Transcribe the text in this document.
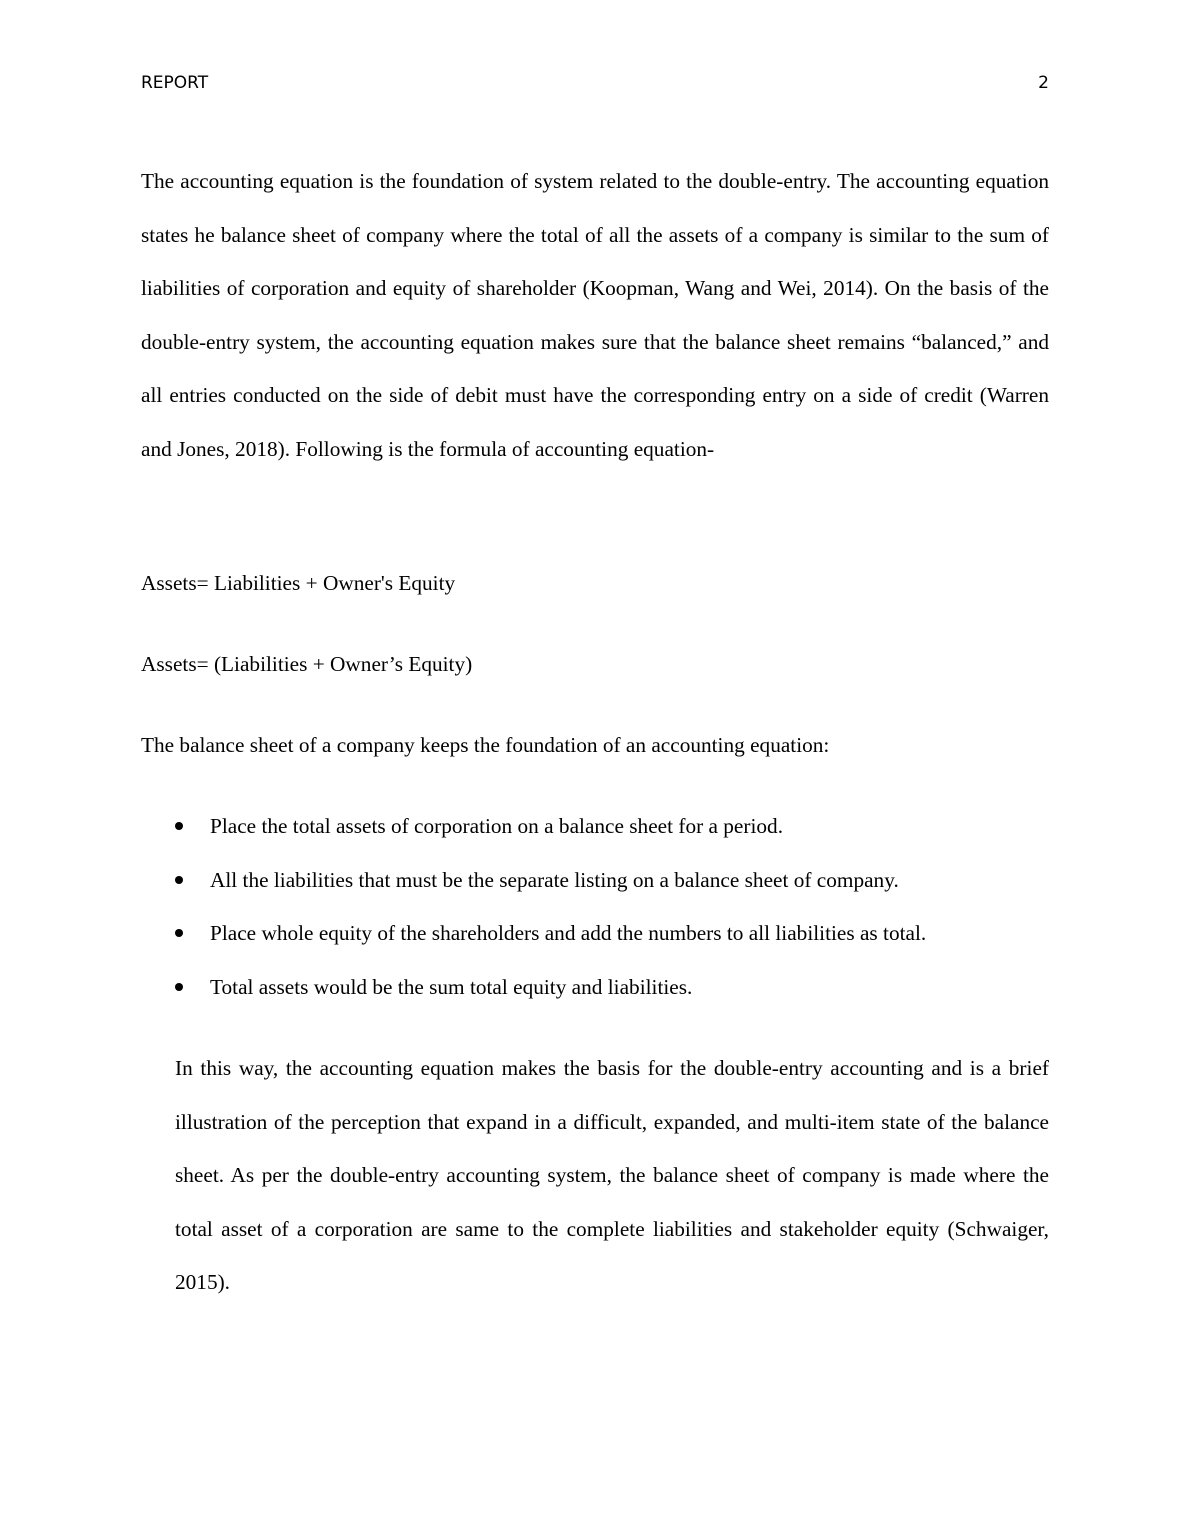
REPORT	2

The accounting equation is the foundation of system related to the double-entry. The accounting equation states he balance sheet of company where the total of all the assets of a company is similar to the sum of liabilities of corporation and equity of shareholder (Koopman, Wang and Wei, 2014). On the basis of the double-entry system, the accounting equation makes sure that the balance sheet remains “balanced,” and all entries conducted on the side of debit must have the corresponding entry on a side of credit (Warren and Jones, 2018). Following is the formula of accounting equation-

Assets= Liabilities + Owner's Equity

Assets= (Liabilities + Owner’s Equity)

The balance sheet of a company keeps the foundation of an accounting equation:

Place the total assets of corporation on a balance sheet for a period.
All the liabilities that must be the separate listing on a balance sheet of company.
Place whole equity of the shareholders and add the numbers to all liabilities as total.
Total assets would be the sum total equity and liabilities.

In this way, the accounting equation makes the basis for the double-entry accounting and is a brief illustration of the perception that expand in a difficult, expanded, and multi-item state of the balance sheet. As per the double-entry accounting system, the balance sheet of company is made where the total asset of a corporation are same to the complete liabilities and stakeholder equity (Schwaiger, 2015).
